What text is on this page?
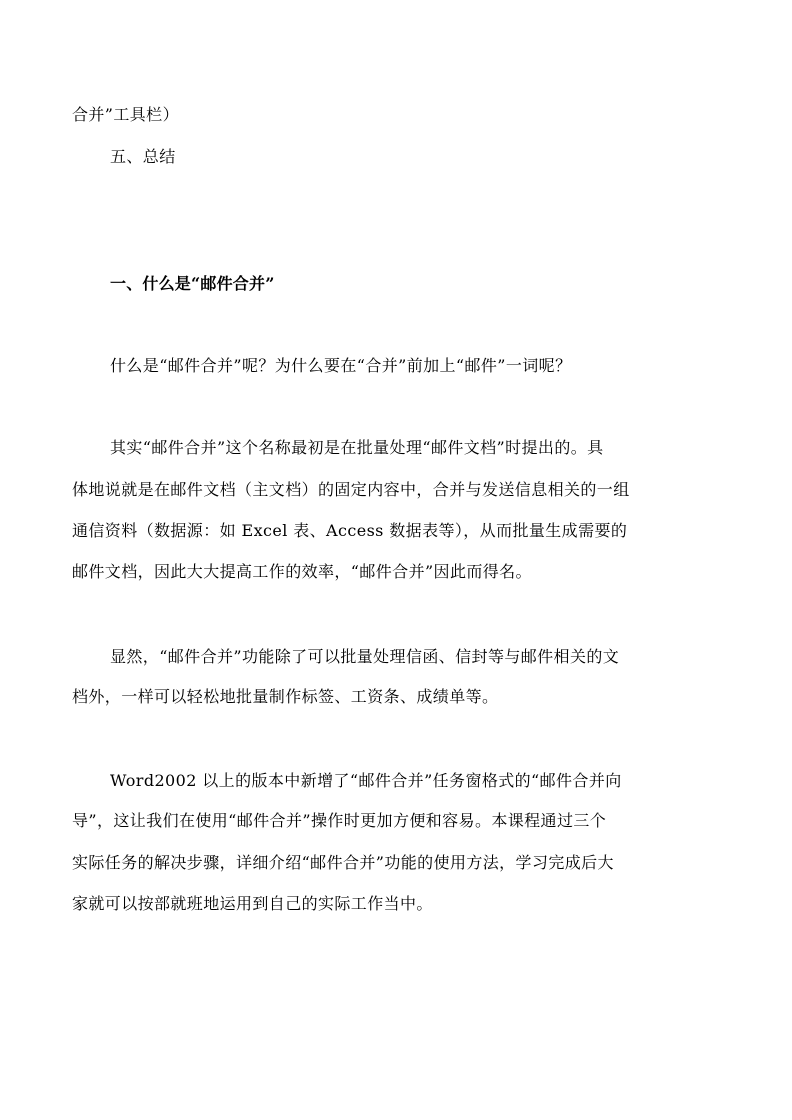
合并”工具栏）
五、总结
一、什么是“邮件合并”
什么是“邮件合并”呢？为什么要在“合并”前加上“邮件”一词呢？
其实“邮件合并”这个名称最初是在批量处理“邮件文档”时提出的。具
体地说就是在邮件文档（主文档）的固定内容中，合并与发送信息相关的一组
通信资料（数据源：如 Excel 表、Access 数据表等），从而批量生成需要的
邮件文档，因此大大提高工作的效率，“邮件合并”因此而得名。
显然，“邮件合并”功能除了可以批量处理信函、信封等与邮件相关的文
档外，一样可以轻松地批量制作标签、工资条、成绩单等。
Word2002 以上的版本中新增了“邮件合并”任务窗格式的“邮件合并向
导”，这让我们在使用“邮件合并”操作时更加方便和容易。本课程通过三个
实际任务的解决步骤，详细介绍“邮件合并”功能的使用方法，学习完成后大
家就可以按部就班地运用到自己的实际工作当中。
